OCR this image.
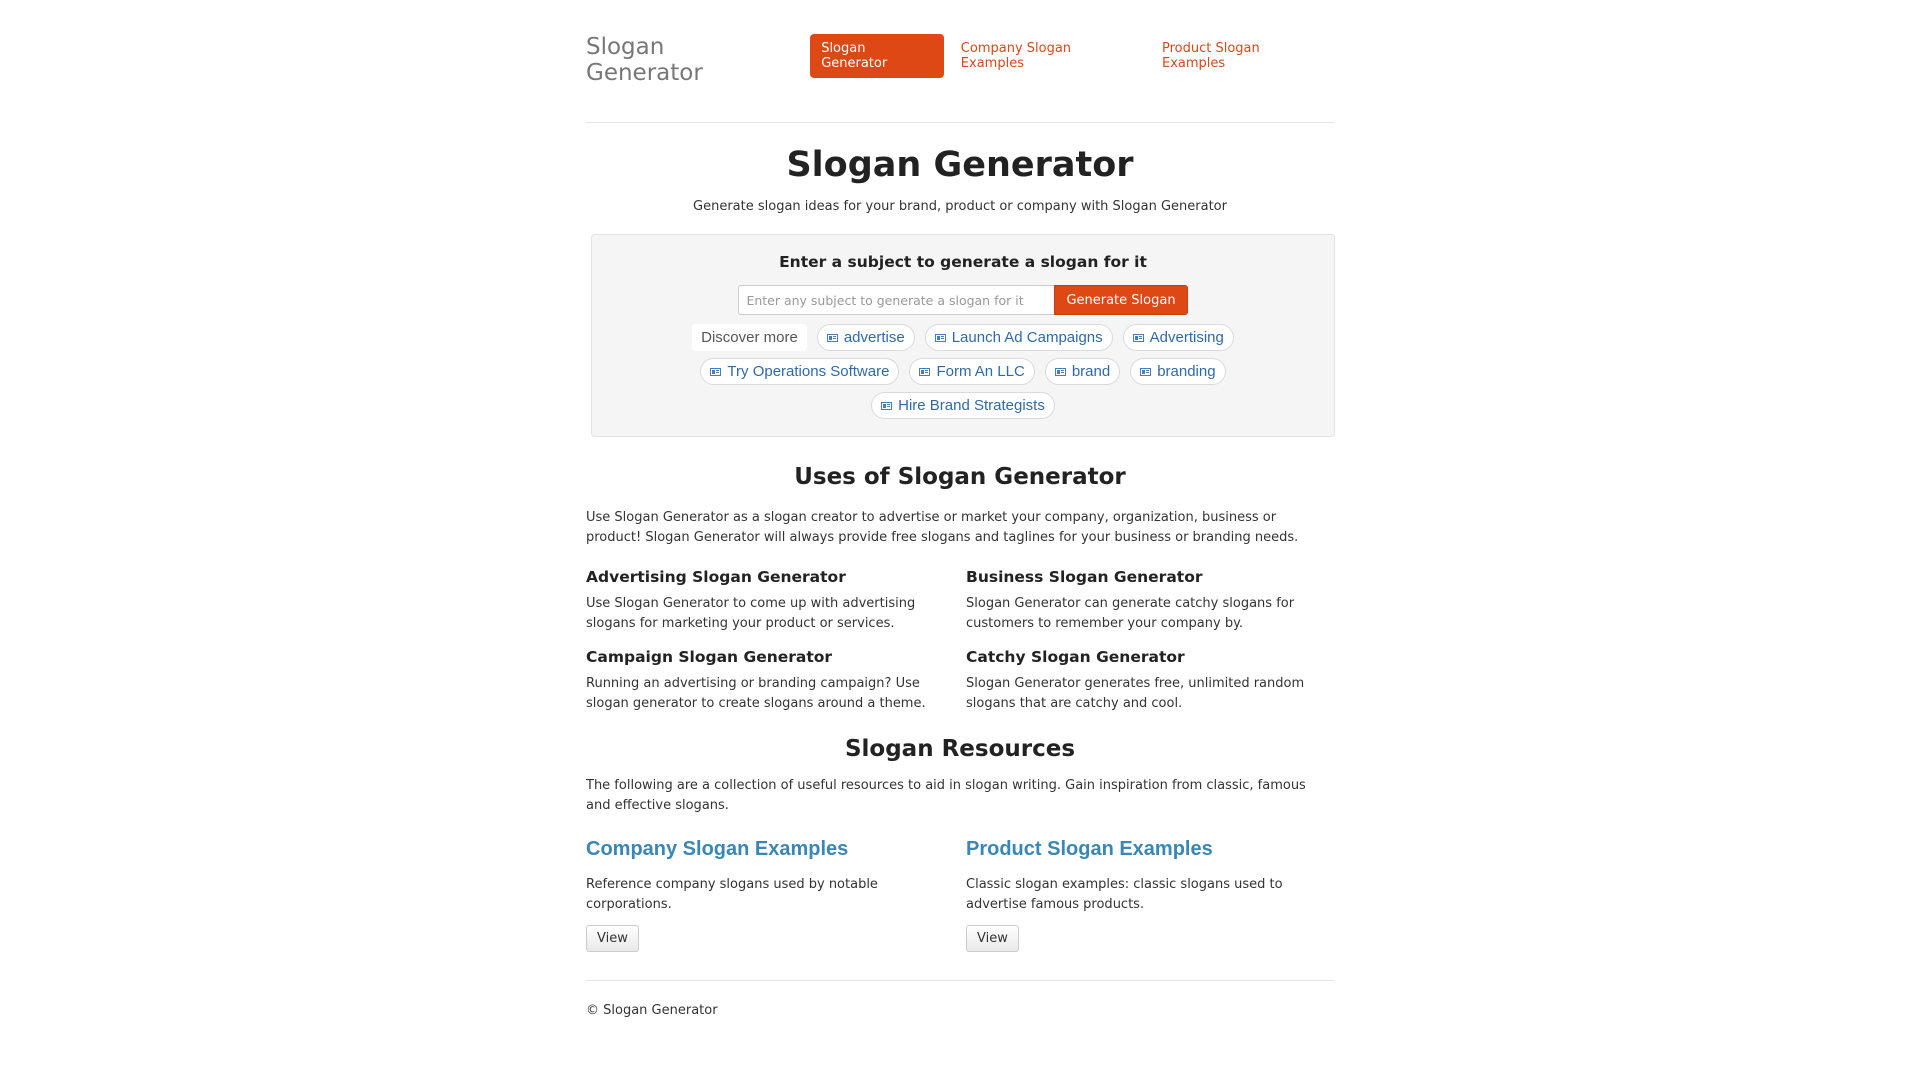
Slogan Generator
Slogan Generator
Company Slogan Examples
Product Slogan Examples
Slogan Generator

Generate slogan ideas for your brand, product or company with Slogan Generator

Enter a subject to generate a slogan for it
Enter any subject to generate a slogan for it
Generate Slogan
Discover more	advertise	Launch Ad Campaigns	Advertising
Try Operations Software	Form An LLC	brand	branding
Hire Brand Strategists
Uses of Slogan Generator

Use Slogan Generator as a slogan creator to advertise or market your company, organization, business or product! Slogan Generator will always provide free slogans and taglines for your business or branding needs.

Advertising Slogan Generator

Use Slogan Generator to come up with advertising slogans for marketing your product or services.

Business Slogan Generator

Slogan Generator can generate catchy slogans for customers to remember your company by.

Campaign Slogan Generator

Running an advertising or branding campaign? Use slogan generator to create slogans around a theme.

Catchy Slogan Generator

Slogan Generator generates free, unlimited random slogans that are catchy and cool.

Slogan Resources

The following are a collection of useful resources to aid in slogan writing. Gain inspiration from classic, famous and effective slogans.

Company Slogan Examples

Reference company slogans used by notable corporations.

View
Product Slogan Examples

Classic slogan examples: classic slogans used to advertise famous products.

View
© Slogan Generator
